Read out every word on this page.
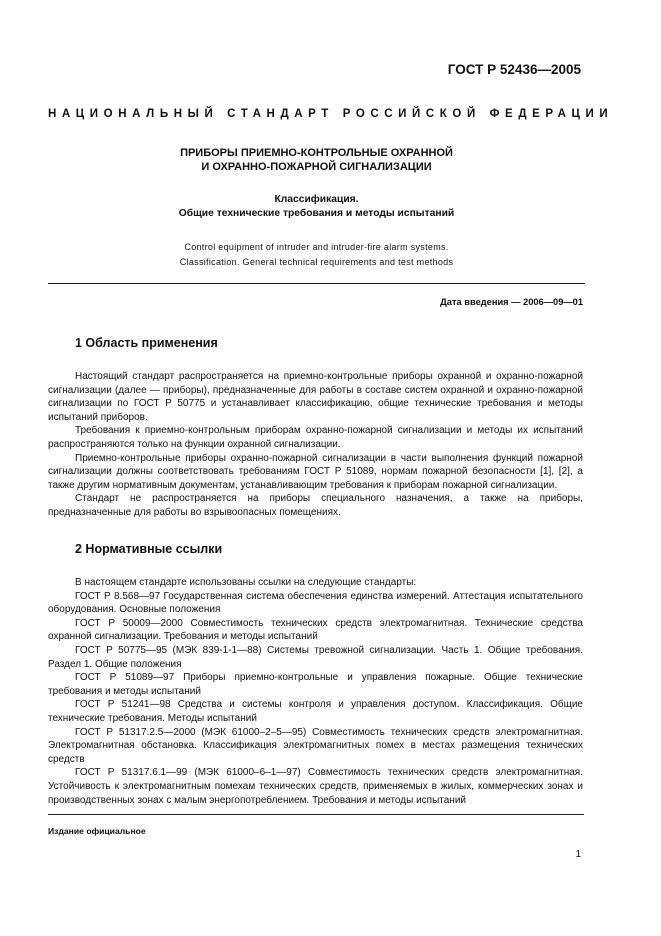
ГОСТ Р 52436—2005
НАЦИОНАЛЬНЫЙ СТАНДАРТ РОССИЙСКОЙ ФЕДЕРАЦИИ
ПРИБОРЫ ПРИЕМНО-КОНТРОЛЬНЫЕ ОХРАННОЙ
И ОХРАННО-ПОЖАРНОЙ СИГНАЛИЗАЦИИ
Классификация.
Общие технические требования и методы испытаний
Control equipment of intruder and intruder-fire alarm systems.
Classification. General technical requirements and test methods
Дата введения — 2006—09—01
1 Область применения

Настоящий стандарт распространяется на приемно-контрольные приборы охранной и охранно-пожарной сигнализации (далее — приборы), предназначенные для работы в составе систем охранной и охранно-пожарной сигнализации по ГОСТ Р 50775 и устанавливает классификацию, общие технические требования и методы испытаний приборов.

Требования к приемно-контрольным приборам охранно-пожарной сигнализации и методы их испытаний распространяются только на функции охранной сигнализации.

Приемно-контрольные приборы охранно-пожарной сигнализации в части выполнения функций пожарной сигнализации должны соответствовать требованиям ГОСТ Р 51089, нормам пожарной безопасности [1], [2], а также другим нормативным документам, устанавливающим требования к приборам пожарной сигнализации.

Стандарт не распространяется на приборы специального назначения, а также на приборы, предназначенные для работы во взрывоопасных помещениях.

2 Нормативные ссылки

В настоящем стандарте использованы ссылки на следующие стандарты:

ГОСТ Р 8.568—97 Государственная система обеспечения единства измерений. Аттестация испытательного оборудования. Основные положения

ГОСТ Р 50009—2000 Совместимость технических средств электромагнитная. Технические средства охранной сигнализации. Требования и методы испытаний

ГОСТ Р 50775—95 (МЭК 839-1-1—88) Системы тревожной сигнализации. Часть 1. Общие требования. Раздел 1. Общие положения

ГОСТ Р 51089—97 Приборы приемно-контрольные и управления пожарные. Общие технические требования и методы испытаний

ГОСТ Р 51241—98 Средства и системы контроля и управления доступом. Классификация. Общие технические требования. Методы испытаний

ГОСТ Р 51317.2.5—2000 (МЭК 61000–2–5—95) Совместимость технических средств электромагнитная. Электромагнитная обстановка. Классификация электромагнитных помех в местах размещения технических средств

ГОСТ Р 51317.6.1—99 (МЭК 61000–6–1—97) Совместимость технических средств электромагнитная. Устойчивость к электромагнитным помехам технических средств, применяемых в жилых, коммерческих зонах и производственных зонах с малым энергопотреблением. Требования и методы испытаний

Издание официальное
1
